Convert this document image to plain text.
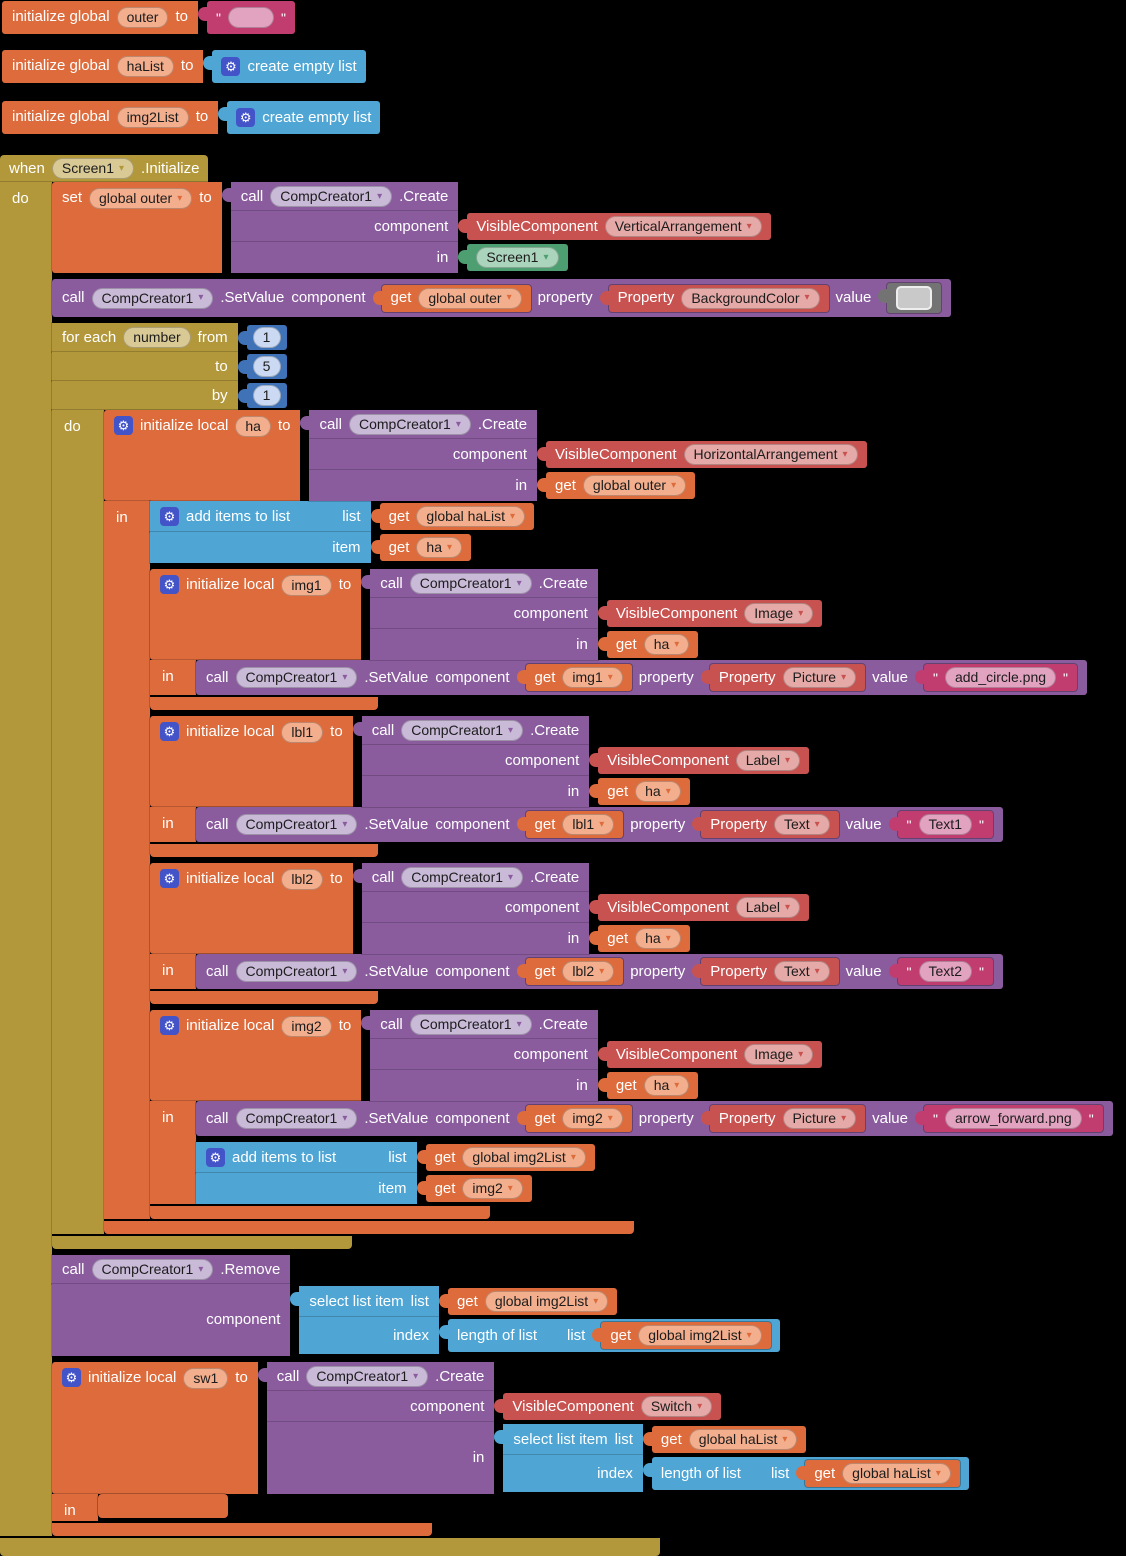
initialize global outer to "	"
initialize global haList to ⚙ create empty list
initialize global img2List to ⚙ create empty list
when Screen1 ▾ .Initialize
do	set global outer ▾ to call CompCreator1 ▾ .Create
component VisibleComponent VerticalArrangement ▾
in	Screen1 ▾
call CompCreator1 ▾ .SetValue component get global outer ▾ property Property BackgroundColor ▾ value
for each number from	1
to	5
by	1
do	⚙ initialize local ha to call CompCreator1 ▾ .Create
component VisibleComponent HorizontalArrangement ▾
in get global outer ▾
in	⚙ add items to list	list get global haList ▾
item get ha ▾
⚙ initialize local img1 to call CompCreator1 ▾ .Create
component VisibleComponent Image ▾
in get ha ▾
in	call CompCreator1 ▾ .SetValue component get img1 ▾ property Property Picture ▾ value " add_circle.png "
⚙ initialize local lbl1 to call CompCreator1 ▾ .Create
component VisibleComponent Label ▾
in get ha ▾
in	call CompCreator1 ▾ .SetValue component get lbl1 ▾ property Property Text ▾ value " Text1 "
⚙ initialize local lbl2 to call CompCreator1 ▾ .Create
component VisibleComponent Label ▾
in get ha ▾
in	call CompCreator1 ▾ .SetValue component get lbl2 ▾ property Property Text ▾ value " Text2 "
⚙ initialize local img2 to call CompCreator1 ▾ .Create
component VisibleComponent Image ▾
in get ha ▾
in	call CompCreator1 ▾ .SetValue component get img2 ▾ property Property Picture ▾ value " arrow_forward.png "
⚙ add items to list	list get global img2List ▾
item get img2 ▾
call CompCreator1 ▾ .Remove
component
select list item list get global img2List ▾
index length of list list get global img2List ▾
⚙ initialize local sw1 to call CompCreator1 ▾ .Create
component VisibleComponent Switch ▾
in
select list item list get global haList ▾
index length of list list get global haList ▾
in
